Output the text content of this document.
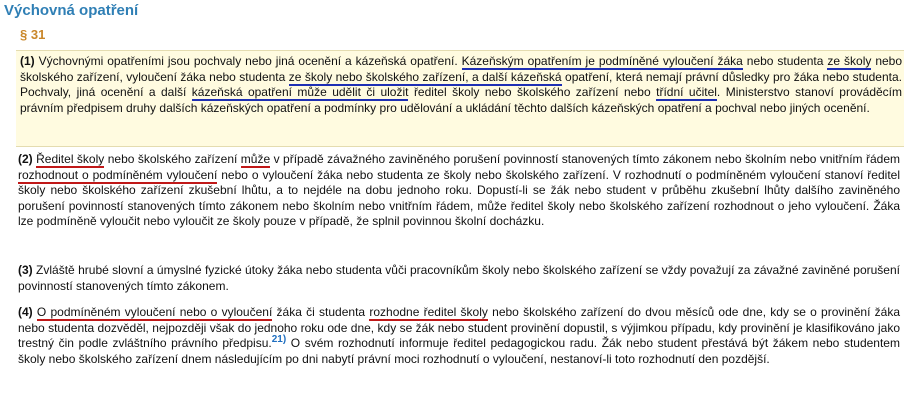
Výchovná opatření
§ 31
(1) Výchovnými opatřeními jsou pochvaly nebo jiná ocenění a kázeňská opatření. Kázeňským opatřením je podmíněné vyloučení žáka nebo studenta ze školy nebo školského zařízení, vyloučení žáka nebo studenta ze školy nebo školského zařízení, a další kázeňská opatření, která nemají právní důsledky pro žáka nebo studenta. Pochvaly, jiná ocenění a další kázeňská opatření může udělit či uložit ředitel školy nebo školského zařízení nebo třídní učitel. Ministerstvo stanoví prováděcím právním předpisem druhy dalších kázeňských opatření a podmínky pro udělování a ukládání těchto dalších kázeňských opatření a pochval nebo jiných ocenění.
(2) Ředitel školy nebo školského zařízení může v případě závažného zaviněného porušení povinností stanovených tímto zákonem nebo školním nebo vnitřním řádem rozhodnout o podmíněném vyloučení nebo o vyloučení žáka nebo studenta ze školy nebo školského zařízení. V rozhodnutí o podmíněném vyloučení stanoví ředitel školy nebo školského zařízení zkušební lhůtu, a to nejdéle na dobu jednoho roku. Dopustí-li se žák nebo student v průběhu zkušební lhůty dalšího zaviněného porušení povinností stanovených tímto zákonem nebo školním nebo vnitřním řádem, může ředitel školy nebo školského zařízení rozhodnout o jeho vyloučení. Žáka lze podmíněně vyloučit nebo vyloučit ze školy pouze v případě, že splnil povinnou školní docházku.
(3) Zvláště hrubé slovní a úmyslné fyzické útoky žáka nebo studenta vůči pracovníkům školy nebo školského zařízení se vždy považují za závažné zaviněné porušení povinností stanovených tímto zákonem.
(4) O podmíněném vyloučení nebo o vyloučení žáka či studenta rozhodne ředitel školy nebo školského zařízení do dvou měsíců ode dne, kdy se o provinění žáka nebo studenta dozvěděl, nejpozději však do jednoho roku ode dne, kdy se žák nebo student provinění dopustil, s výjimkou případu, kdy provinění je klasifikováno jako trestný čin podle zvláštního právního předpisu.$^{21)}$ O svém rozhodnutí informuje ředitel pedagogickou radu. Žák nebo student přestává být žákem nebo studentem školy nebo školského zařízení dnem následujícím po dni nabytí právní moci rozhodnutí o vyloučení, nestanoví-li toto rozhodnutí den pozdější.
